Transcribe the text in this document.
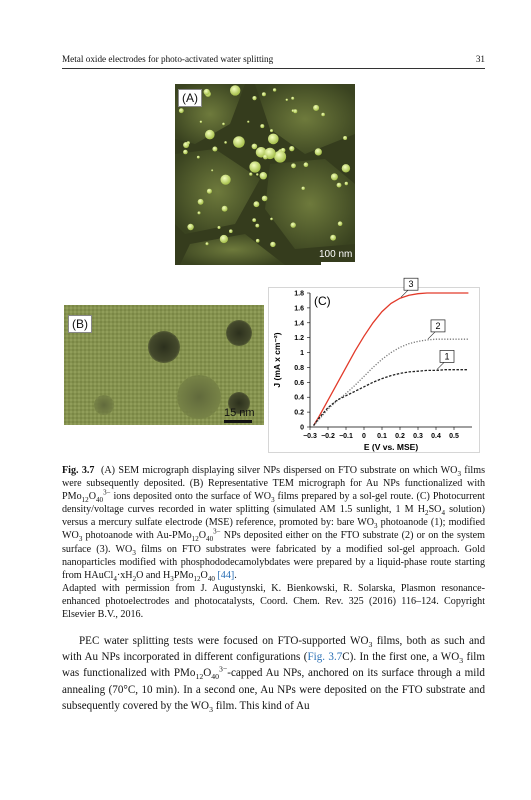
Metal oxide electrodes for photo-activated water splitting	31
(A)
100 nm
(B)
15 nm
0
0.2
0.4
0.6
0.8
1
1.2
1.4
1.6
1.8
−0.3 −0.2 −0.1 0 0.1 0.2 0.3 0.4 0.5
E (V vs. MSE)
J (mA x cm⁻²)
(C)
3
2
1

Fig. 3.7 (A) SEM micrograph displaying silver NPs dispersed on FTO substrate on which $WO_3$ films were subsequently deposited. (B) Representative TEM micrograph for Au NPs functionalized with $PMo_{12}O_{40}^{3-}$ ions deposited onto the surface of $WO_3$ films prepared by a sol-gel route. (C) Photocurrent density/voltage curves recorded in water splitting (simulated AM 1.5 sunlight, 1 M $H_2SO_4$ solution) versus a mercury sulfate electrode (MSE) reference, promoted by: bare $WO_3$ photoanode (1); modified $WO_3$ photoanode with $Au-PMo_{12}O_{40}^{3-}$ NPs deposited either on the FTO substrate (2) or on the system surface (3). $WO_3$ films on FTO substrates were fabricated by a modified sol-gel approach. Gold nanoparticles modified with phosphododecamolybdates were prepared by a liquid-phase route starting from $HAuCl_4\cdot xH_2O$ and $H_3PMo_{12}O_{40}$ [44].

Adapted with permission from J. Augustynski, K. Bienkowski, R. Solarska, Plasmon resonance-enhanced photoelectrodes and photocatalysts, Coord. Chem. Rev. 325 (2016) 116–124. Copyright Elsevier B.V., 2016.

PEC water splitting tests were focused on FTO-supported $WO_3$ films, both as such and with Au NPs incorporated in different configurations (Fig. 3.7C). In the first one, a $WO_3$ film was functionalized with $PMo_{12}O_{40}^{3-}$-capped Au NPs, anchored on its surface through a mild annealing (70°C, 10 min). In a second one, Au NPs were deposited on the FTO substrate and subsequently covered by the $WO_3$ film. This kind of Au
